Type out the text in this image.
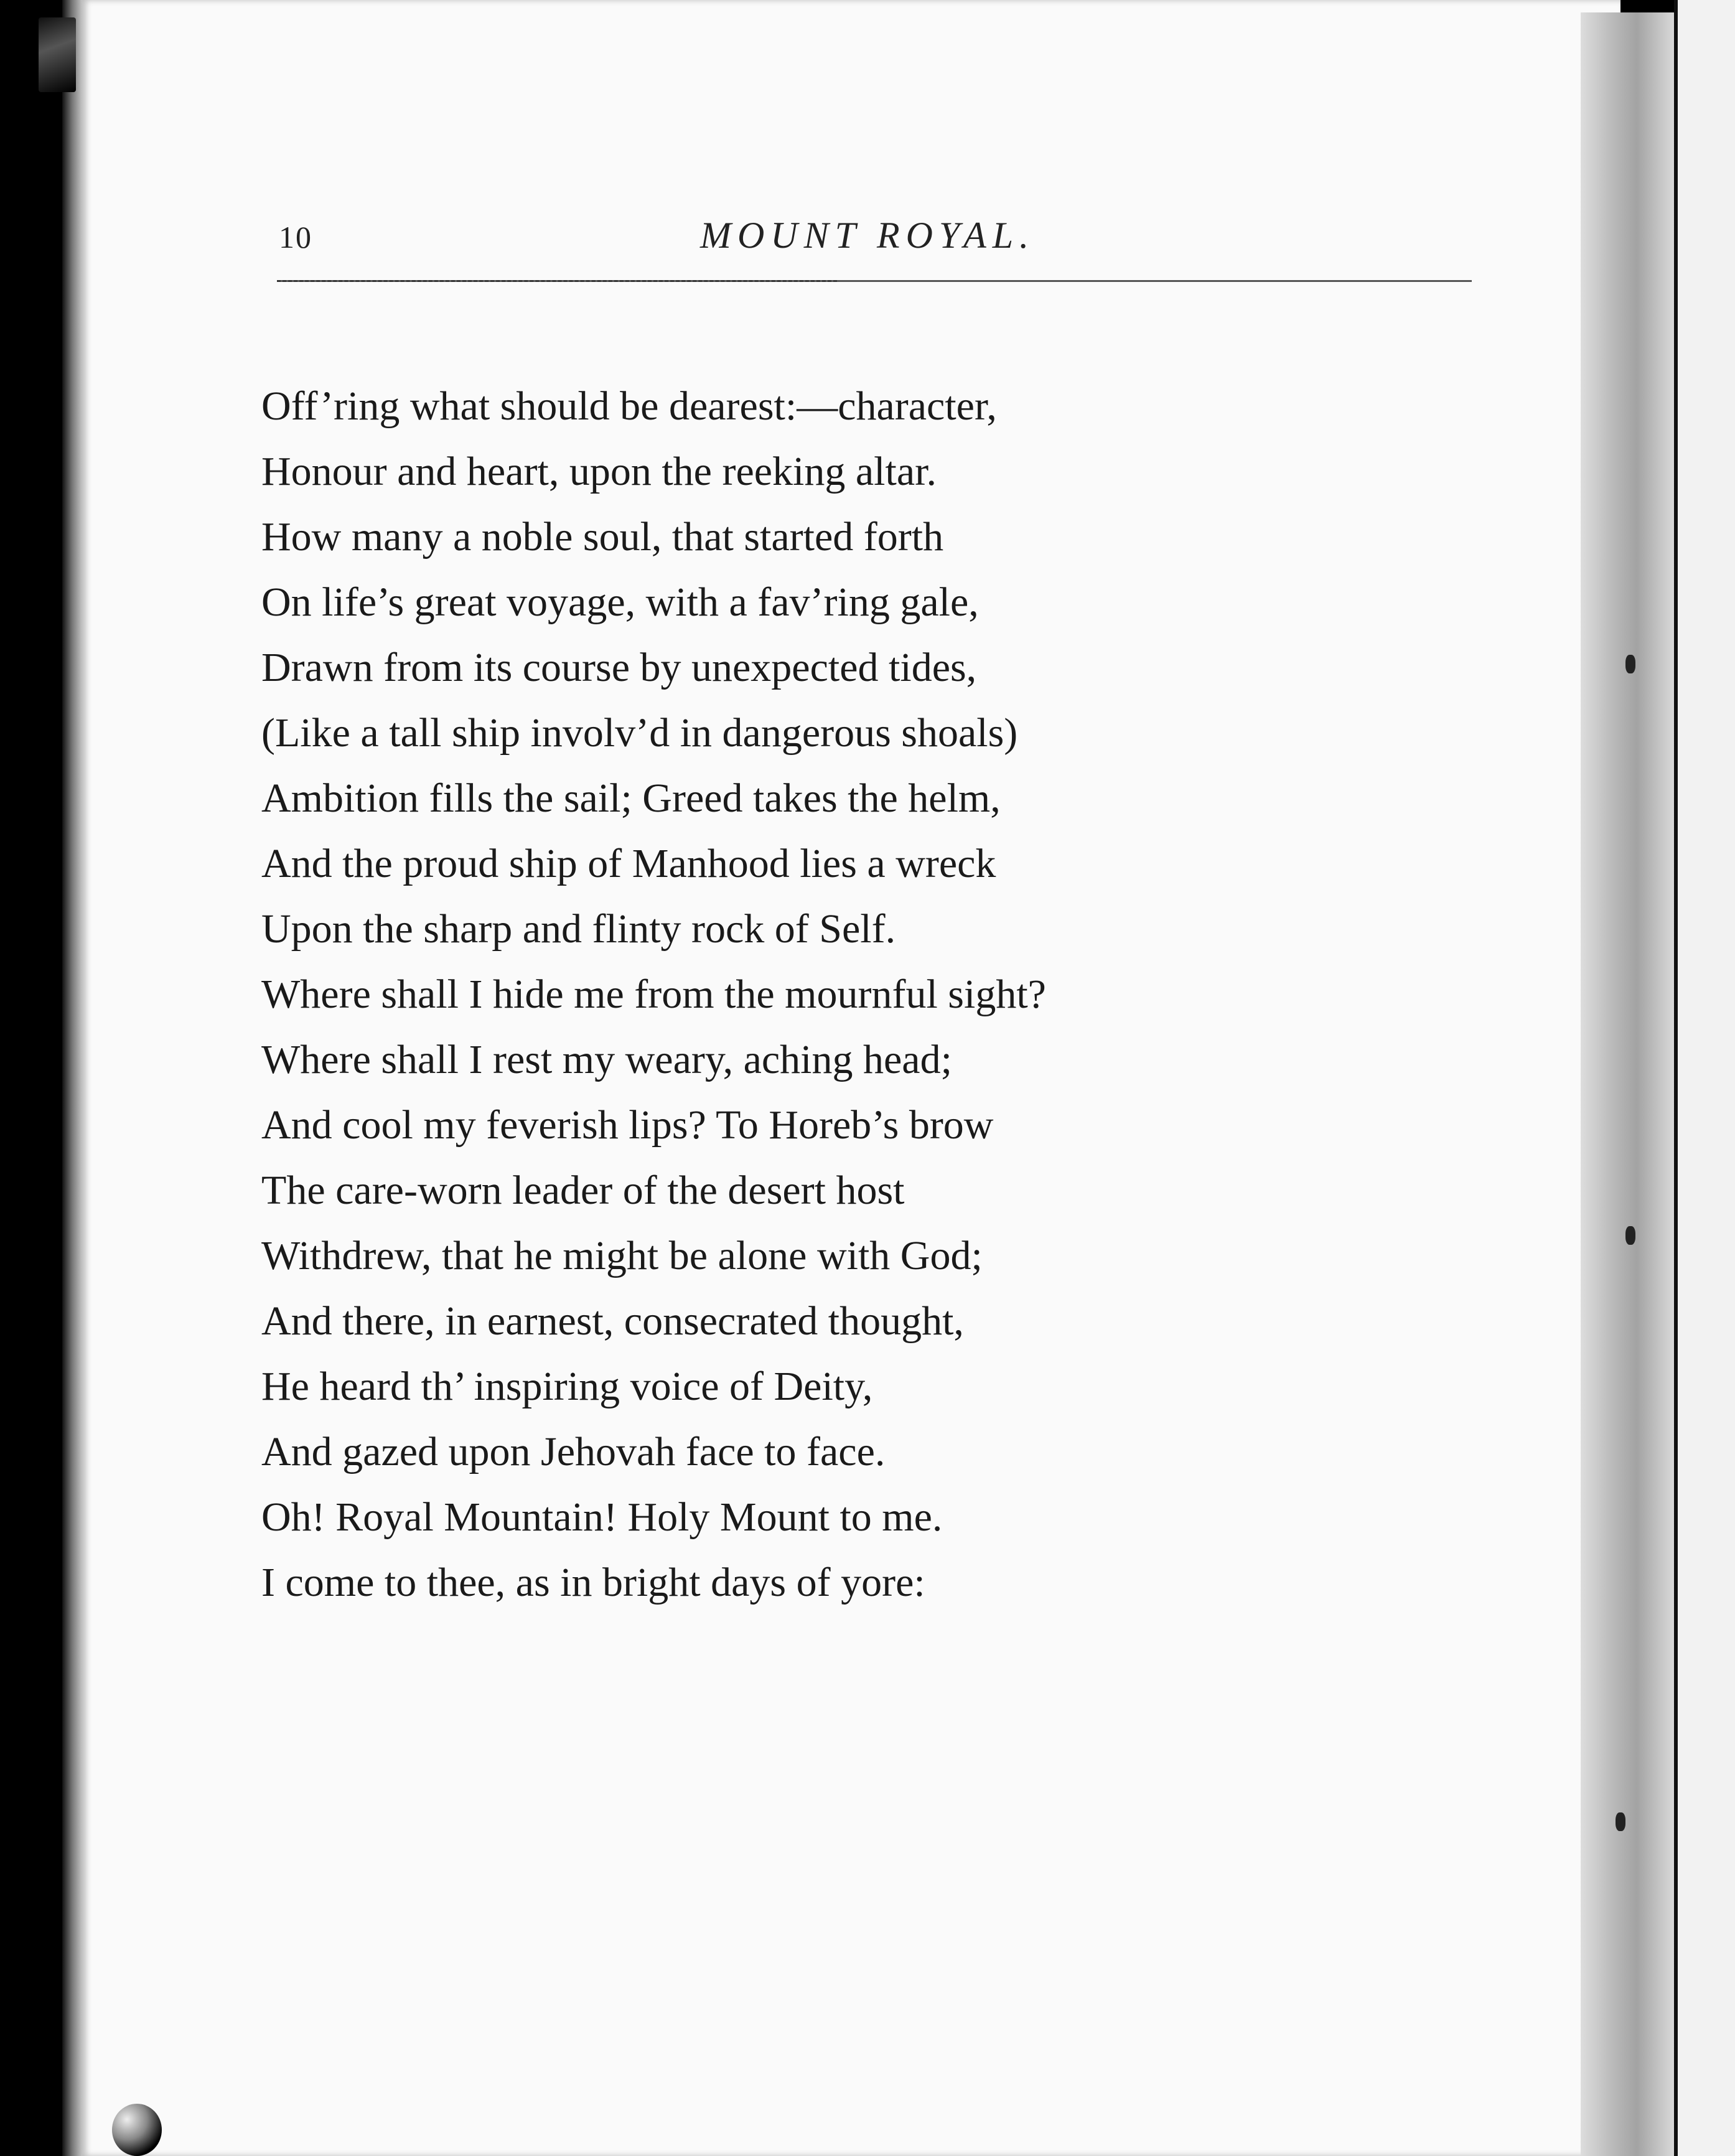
10	MOUNT ROYAL.
Off’ring what should be dearest:—character,
Honour and heart, upon the reeking altar.
How many a noble soul, that started forth
On life’s great voyage, with a fav’ring gale,
Drawn from its course by unexpected tides,
(Like a tall ship involv’d in dangerous shoals)
Ambition fills the sail; Greed takes the helm,
And the proud ship of Manhood lies a wreck
Upon the sharp and flinty rock of Self.
Where shall I hide me from the mournful sight?
Where shall I rest my weary, aching head;
And cool my feverish lips? To Horeb’s brow
The care-worn leader of the desert host
Withdrew, that he might be alone with God;
And there, in earnest, consecrated thought,
He heard th’ inspiring voice of Deity,
And gazed upon Jehovah face to face.
Oh! Royal Mountain! Holy Mount to me.
I come to thee, as in bright days of yore:
